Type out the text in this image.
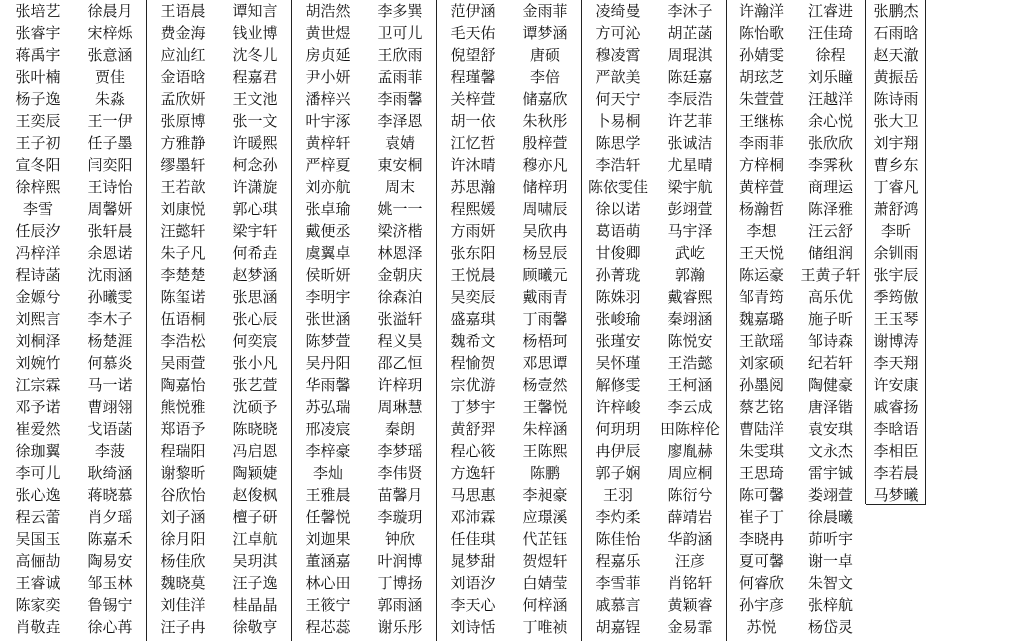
张培艺	徐晨月
张睿宇	宋梓烁
蒋禹宇	张意涵
张叶楠	贾佳
杨子逸	朱淼
王奕辰	王一伊
王子初	任子墨
宣冬阳	闫奕阳
徐梓熙	王诗怡
李雪	周馨妍
任辰汐	张轩晨
冯梓洋	余恩诺
程诗菡	沈雨涵
金嫄兮	孙曦雯
刘熙言	李木子
刘桐泽	杨楚涯
刘婉竹	何慕炎
江宗霖	马一诺
邓予诺	曹翊翎
崔爱然	戈语菡
徐珈翼	李菠
李可儿	耿绮涵
张心逸	蒋晓慕
程云蕾	肖夕瑶
吴国玉	陈嘉禾
高俪劼	陶易安
王睿诚	邹玉林
陈家奕	鲁锡宁
肖敬垚	徐心苒
王语晨	谭知言
费金海	钱业博
应汕红	沈冬儿
金语晗	程嘉君
孟欣妍	王文池
张原博	张一文
方雅静	许暖熙
缪墨轩	柯念孙
王若歆	许潇旋
刘康悦	郭心琪
汪懿轩	梁宇轩
朱子凡	何希垚
李楚楚	赵梦涵
陈玺诺	张思涵
伍语桐	张心辰
李浩松	何奕宸
吴雨萱	张小凡
陶嘉怡	张艺萱
熊悦雅	沈硕予
郑语予	陈晓晓
程瑞阳	冯启恩
谢黎昕	陶颖婕
谷欣怡	赵俊枫
刘子涵	檀子研
徐月阳	江卓航
杨佳欣	吴玥淇
魏晓莫	汪子逸
刘佳洋	桂晶晶
汪子冉	徐敬亨
胡浩然	李多巽
黄世煜	卫可儿
房贞延	王欣雨
尹小妍	孟雨菲
潘梓兴	李雨馨
叶宇涿	李泽恩
黄梓轩	袁婧
严梓夏	東安桐
刘亦航	周末
张卓瑜	姚一一
戴便丞	梁济楷
虞翼卓	林恩泽
侯昕妍	金朝庆
李明宇	徐森泊
张世涵	张溢轩
陈梦萱	程义昊
吴丹阳	邵乙恒
华雨馨	许梓玥
苏弘瑞	周琳慧
邢凌宸	秦朗
李梓豪	李梦瑶
李灿	李伟贤
王雅晨	苗馨月
任馨悦	李璇玥
刘迦果	钟欣
董涵嘉	叶润博
林心田	丁博扬
王筱宁	郭雨涵
程芯蕊	谢乐彤
范伊涵	金雨菲
毛天佑	谭梦涵
倪望舒	唐硕
程瑾馨	李倍
关梓萱	储嘉欣
胡一依	朱秋彤
江忆哲	殷梓萱
许沐晴	穆亦凡
苏思瀚	储梓玥
程熙媛	周啸辰
方雨妍	吴欣冉
张东阳	杨昱辰
王悦晨	顾曦元
吴奕辰	戴雨青
盛嘉琪	丁雨馨
魏希文	杨梧珂
程愉贺	邓思谭
宗优游	杨壹然
丁梦宇	王馨悦
黄舒羿	朱梓涵
程心筱	王陈熙
方逸轩	陈鹏
马思惠	李昶豪
邓沛霖	应璟溪
任佳琪	代芷钰
晁梦甜	贺煜轩
刘语汐	白婧莹
李天心	何梓涵
刘诗恬	丁唯祯
凌绮曼	李沐子
方可沁	胡芷菡
穆凌霄	周琨淇
严歆美	陈廷嘉
何天宁	李辰浩
卜易桐	许艺菲
陈思学	张诚洁
李浩轩	尤星晴
陈依雯佳	梁宇航
徐以诺	彭翊萱
葛语萌	马宇泽
甘俊卿	武屹
孙菁珑	郭瀚
陈姝羽	戴睿熙
张峻瑜	秦翊涵
张瑾安	陈悦安
吴怀瑾	王浩懿
解修雯	王柯涵
许梓峻	李云成
何玥玥	田陈梓伦
冉伊辰	廖胤赫
郭子娴	周应桐
王羽	陈衍兮
李灼柔	薛靖岩
陈佳怡	华韵涵
程嘉乐	汪彦
李雪菲	肖铭轩
戚慕言	黄颖睿
胡嘉锃	金易霏
许瀚洋	江睿进
陈怡歌	汪佳琦
孙婧雯	徐程
胡玹芝	刘乐瞳
朱萱萱	汪越洋
王继栋	余心悦
李雨菲	张欣欣
方梓桐	李霁秋
黄梓萱	商理运
杨瀚哲	陈泽雅
李想	汪云舒
王天悦	储组润
陈运豪	王黄子轩
邹青筠	高乐优
魏嘉璐	施子昕
王歆瑶	邹诗森
刘家硕	纪若轩
孙墨阅	陶健豪
蔡艺铭	唐泽锴
曹陆洋	袁安琪
朱雯琪	文永杰
王思琦	雷宇铖
陈可馨	娄翊萱
崔子丁	徐晨曦
李晓冉	茆听宇
夏可馨	谢一卓
何睿欣	朱智文
孙宇彦	张梓航
苏悦	杨岱灵
张鹏杰
石雨晗
赵天澈
黄振岳
陈诗雨
张大卫
刘宇翔
曹乡东
丁睿凡
萧舒鸿
李昕
余钏雨
张宇辰
季筠傲
王玉琴
谢博涛
李天翔
许安康
戚睿扬
李晗语
李相臣
李若晨
马梦曦
